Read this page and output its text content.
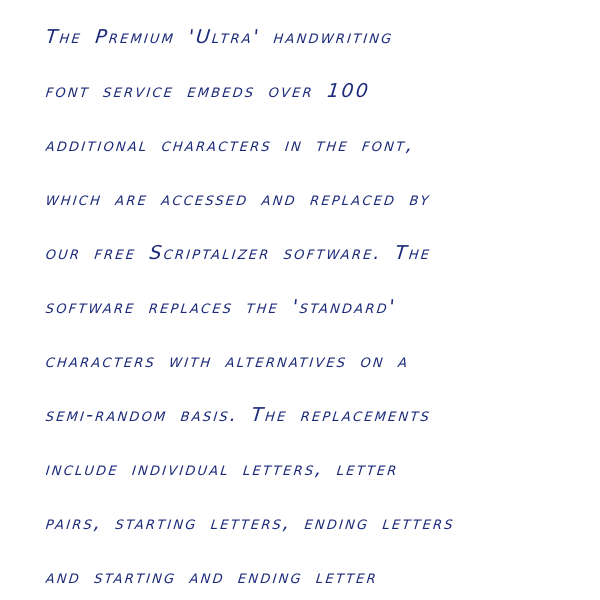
The Premium 'Ultra' handwriting
font service embeds over 100
additional characters in the font,
which are accessed and replaced by
our free Scriptalizer software. The
software replaces the 'standard'
characters with alternatives on a
semi-random basis. The replacements
include individual letters, letter
pairs, starting letters, ending letters
and starting and ending letter
